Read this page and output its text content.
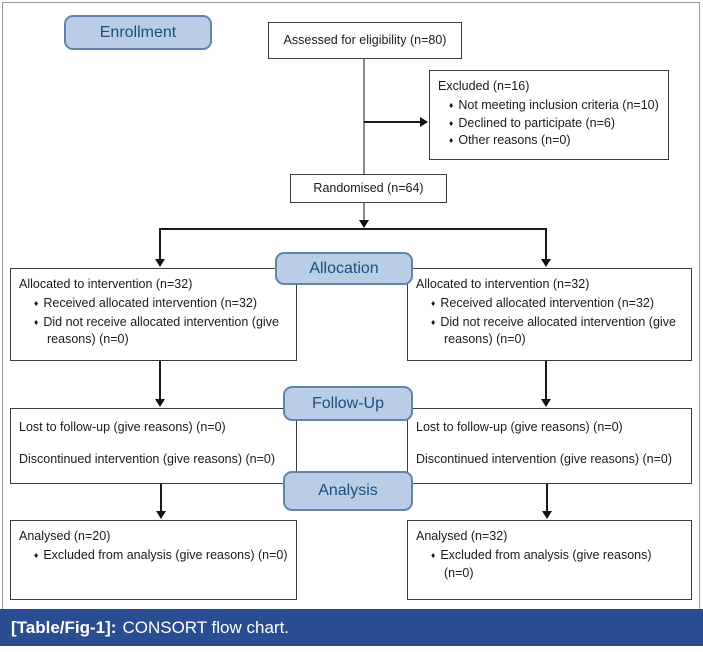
Enrollment
Allocation
Follow-Up
Analysis
Assessed for eligibility (n=80)
Excluded (n=16)
♦ Not meeting inclusion criteria (n=10)
♦ Declined to participate (n=6)
♦ Other reasons (n=0)
Randomised (n=64)
Allocated to intervention (n=32)
♦ Received allocated intervention (n=32)
♦ Did not receive allocated intervention (give reasons) (n=0)
Allocated to intervention (n=32)
♦ Received allocated intervention (n=32)
♦ Did not receive allocated intervention (give reasons) (n=0)
Lost to follow-up (give reasons) (n=0)
Discontinued intervention (give reasons) (n=0)
Lost to follow-up (give reasons) (n=0)
Discontinued intervention (give reasons) (n=0)
Analysed (n=20)
♦ Excluded from analysis (give reasons) (n=0)
Analysed (n=32)
♦ Excluded from analysis (give reasons) (n=0)
[Table/Fig-1]: CONSORT flow chart.
